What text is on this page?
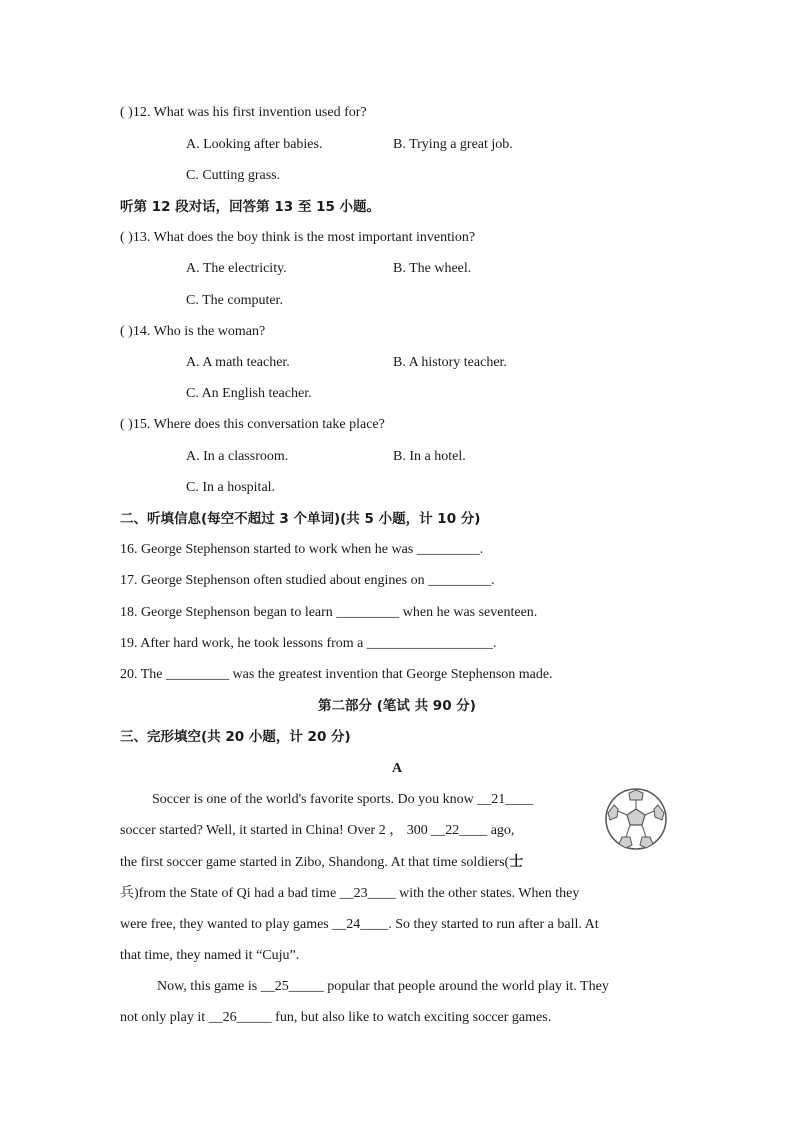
( )12. What was his first invention used for?
A. Looking after babies.	B. Trying a great job.
C. Cutting grass.
听第 12 段对话，回答第 13 至 15 小题。
( )13. What does the boy think is the most important invention?
A. The electricity.	B. The wheel.
C. The computer.
( )14. Who is the woman?
A. A math teacher.	B. A history teacher.
C. An English teacher.
( )15. Where does this conversation take place?
A. In a classroom.	B. In a hotel.
C. In a hospital.
二、听填信息(每空不超过 3 个单词)(共 5 小题，计 10 分)
16. George Stephenson started to work when he was _________.
17. George Stephenson often studied about engines on _________.
18. George Stephenson began to learn _________ when he was seventeen.
19. After hard work, he took lessons from a __________________.
20. The _________ was the greatest invention that George Stephenson made.
第二部分 (笔试 共 90 分)
三、完形填空(共 20 小题，计 20 分)
A
Soccer is one of the world's favorite sports. Do you know __21____
soccer started? Well, it started in China! Over 2 ， 300 __22____ ago,
the first soccer game started in Zibo, Shandong. At that time soldiers(士
兵)from the State of Qi had a bad time __23____ with the other states. When they
were free, they wanted to play games __24____. So they started to run after a ball. At
that time, they named it “Cuju”.
Now, this game is __25_____ popular that people around the world play it. They
not only play it __26_____ fun, but also like to watch exciting soccer games.
